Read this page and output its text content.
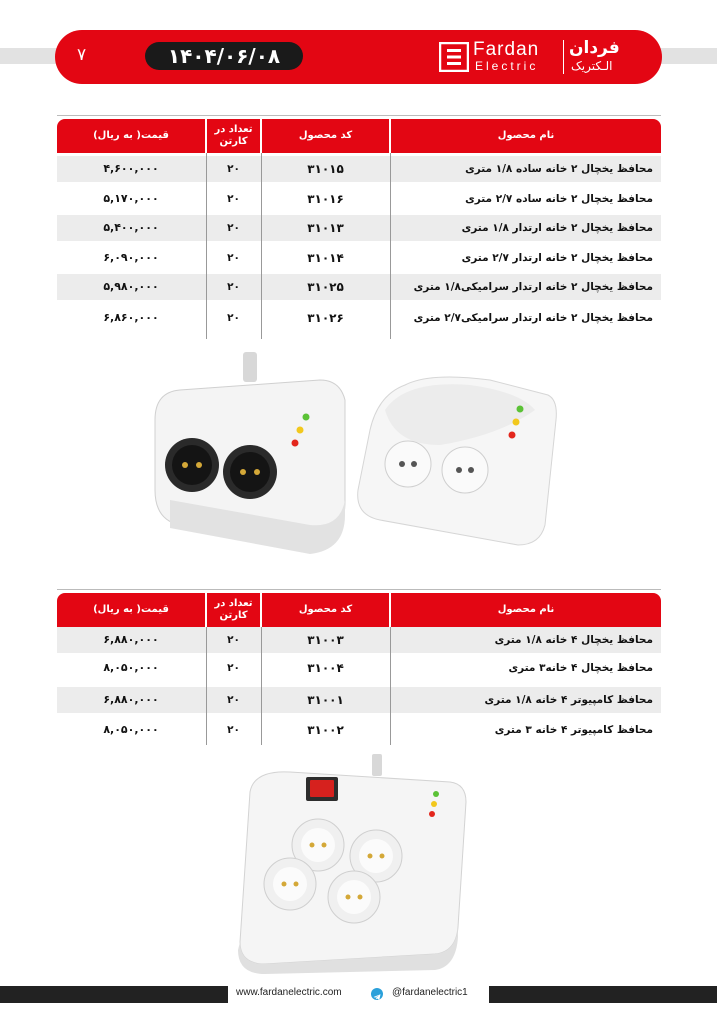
۷	۱۴۰۴/۰۶/۰۸	Fardan
Electric
فردان
الـکتریک
نام محصول
کد محصول
تعداد در کارتن
قیمت( به ریال)
محافظ یخچال ۲ خانه ساده ۱/۸ متری
۳۱۰۱۵
۲۰
۴,۶۰۰,۰۰۰
محافظ یخچال ۲ خانه ساده ۲/۷ متری
۳۱۰۱۶
۲۰
۵,۱۷۰,۰۰۰
محافظ یخچال ۲ خانه ارتدار ۱/۸ متری
۳۱۰۱۳
۲۰
۵,۴۰۰,۰۰۰
محافظ یخچال ۲ خانه ارتدار ۲/۷ متری
۳۱۰۱۴
۲۰
۶,۰۹۰,۰۰۰
محافظ یخچال ۲ خانه ارتدار سرامیکی۱/۸ متری
۳۱۰۲۵
۲۰
۵,۹۸۰,۰۰۰
محافظ یخچال ۲ خانه ارتدار سرامیکی۲/۷ متری
۳۱۰۲۶
۲۰
۶,۸۶۰,۰۰۰
نام محصول
کد محصول
تعداد در کارتن
قیمت( به ریال)
محافظ یخچال ۴ خانه ۱/۸ متری
۳۱۰۰۳
۲۰
۶,۸۸۰,۰۰۰
محافظ یخچال ۴ خانه۳ متری
۳۱۰۰۴
۲۰
۸,۰۵۰,۰۰۰
محافظ کامپیوتر ۴ خانه ۱/۸ متری
۳۱۰۰۱
۲۰
۶,۸۸۰,۰۰۰
محافظ کامپیوتر ۴ خانه ۳ متری
۳۱۰۰۲
۲۰
۸,۰۵۰,۰۰۰
www.fardanelectric.com	@fardanelectric1
